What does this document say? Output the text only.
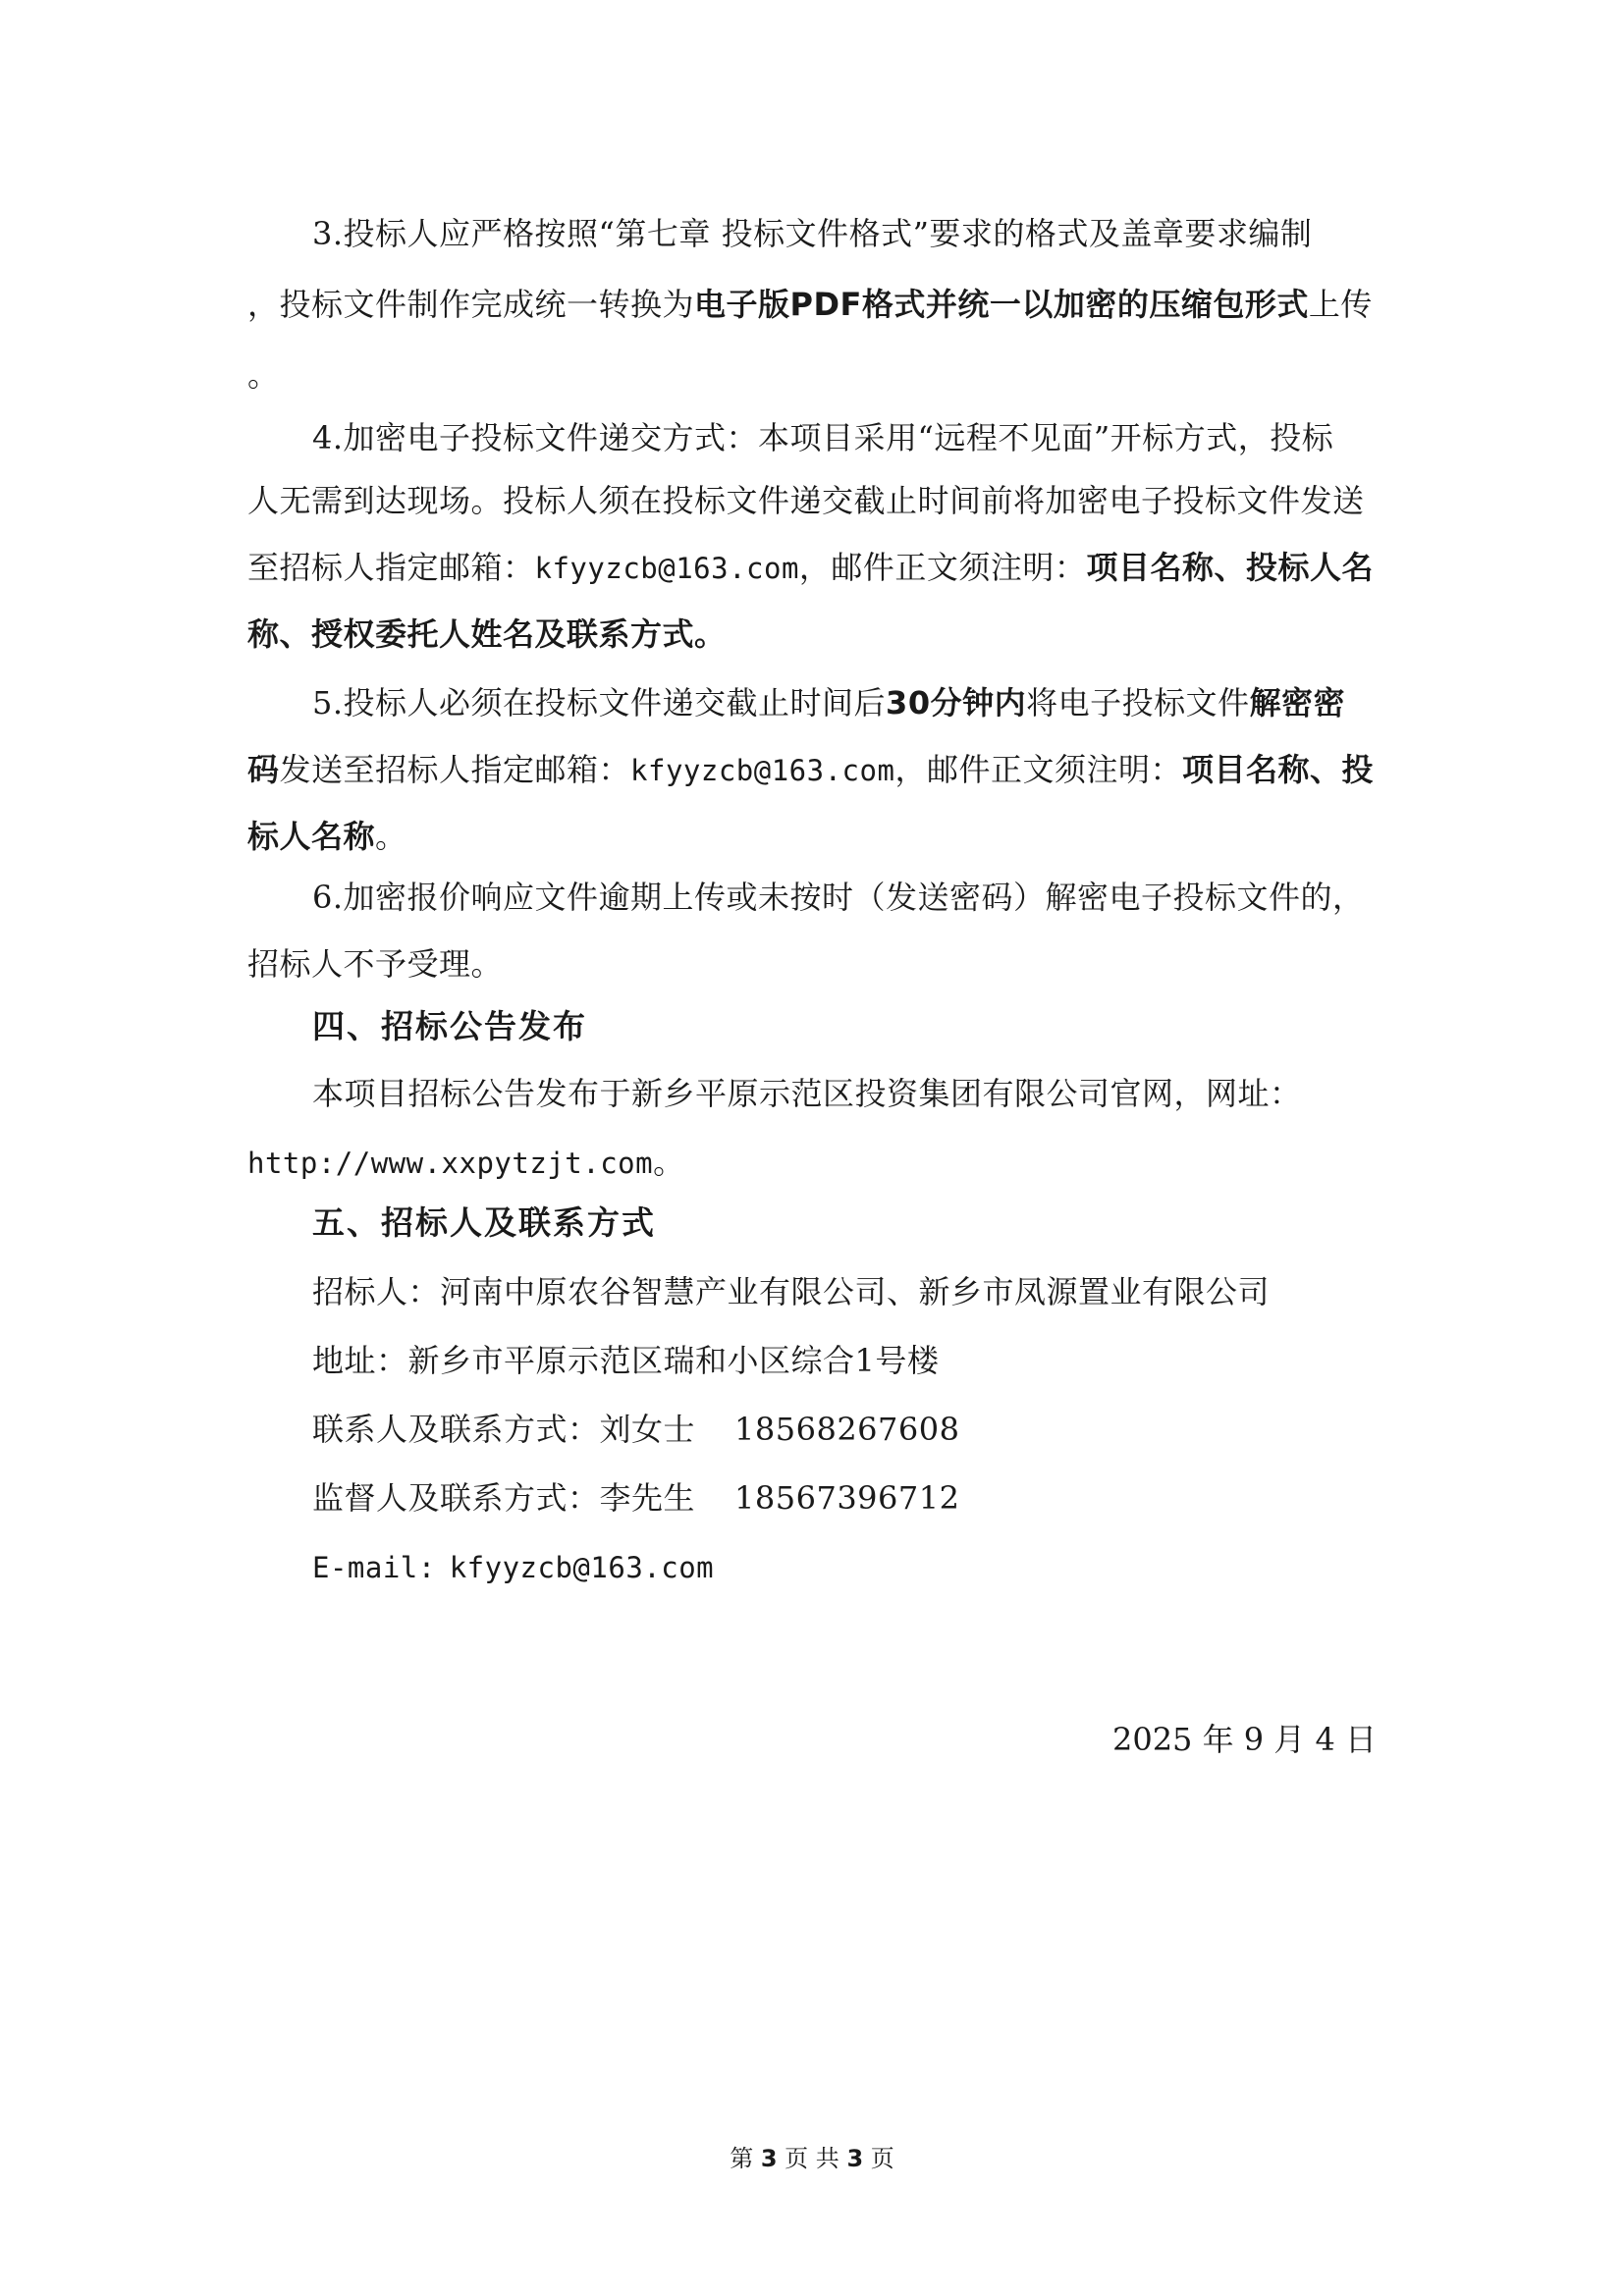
3.投标人应严格按照“第七章 投标文件格式”要求的格式及盖章要求编制
，投标文件制作完成统一转换为电子版PDF格式并统一以加密的压缩包形式上传
。
4.加密电子投标文件递交方式：本项目采用“远程不见面”开标方式，投标
人无需到达现场。投标人须在投标文件递交截止时间前将加密电子投标文件发送
至招标人指定邮箱：kfyyzcb@163.com，邮件正文须注明：项目名称、投标人名
称、授权委托人姓名及联系方式。
5.投标人必须在投标文件递交截止时间后30分钟内将电子投标文件解密密
码发送至招标人指定邮箱：kfyyzcb@163.com，邮件正文须注明：项目名称、投
标人名称。
6.加密报价响应文件逾期上传或未按时（发送密码）解密电子投标文件的，
招标人不予受理。
四、招标公告发布
本项目招标公告发布于新乡平原示范区投资集团有限公司官网，网址：
http://www.xxpytzjt.com。
五、招标人及联系方式
招标人：河南中原农谷智慧产业有限公司、新乡市凤源置业有限公司
地址：新乡市平原示范区瑞和小区综合1号楼
联系人及联系方式：刘女士 18568267608
监督人及联系方式：李先生 18567396712
E-mail: kfyyzcb@163.com
2025 年 9 月 4 日
第 3 页 共 3 页
